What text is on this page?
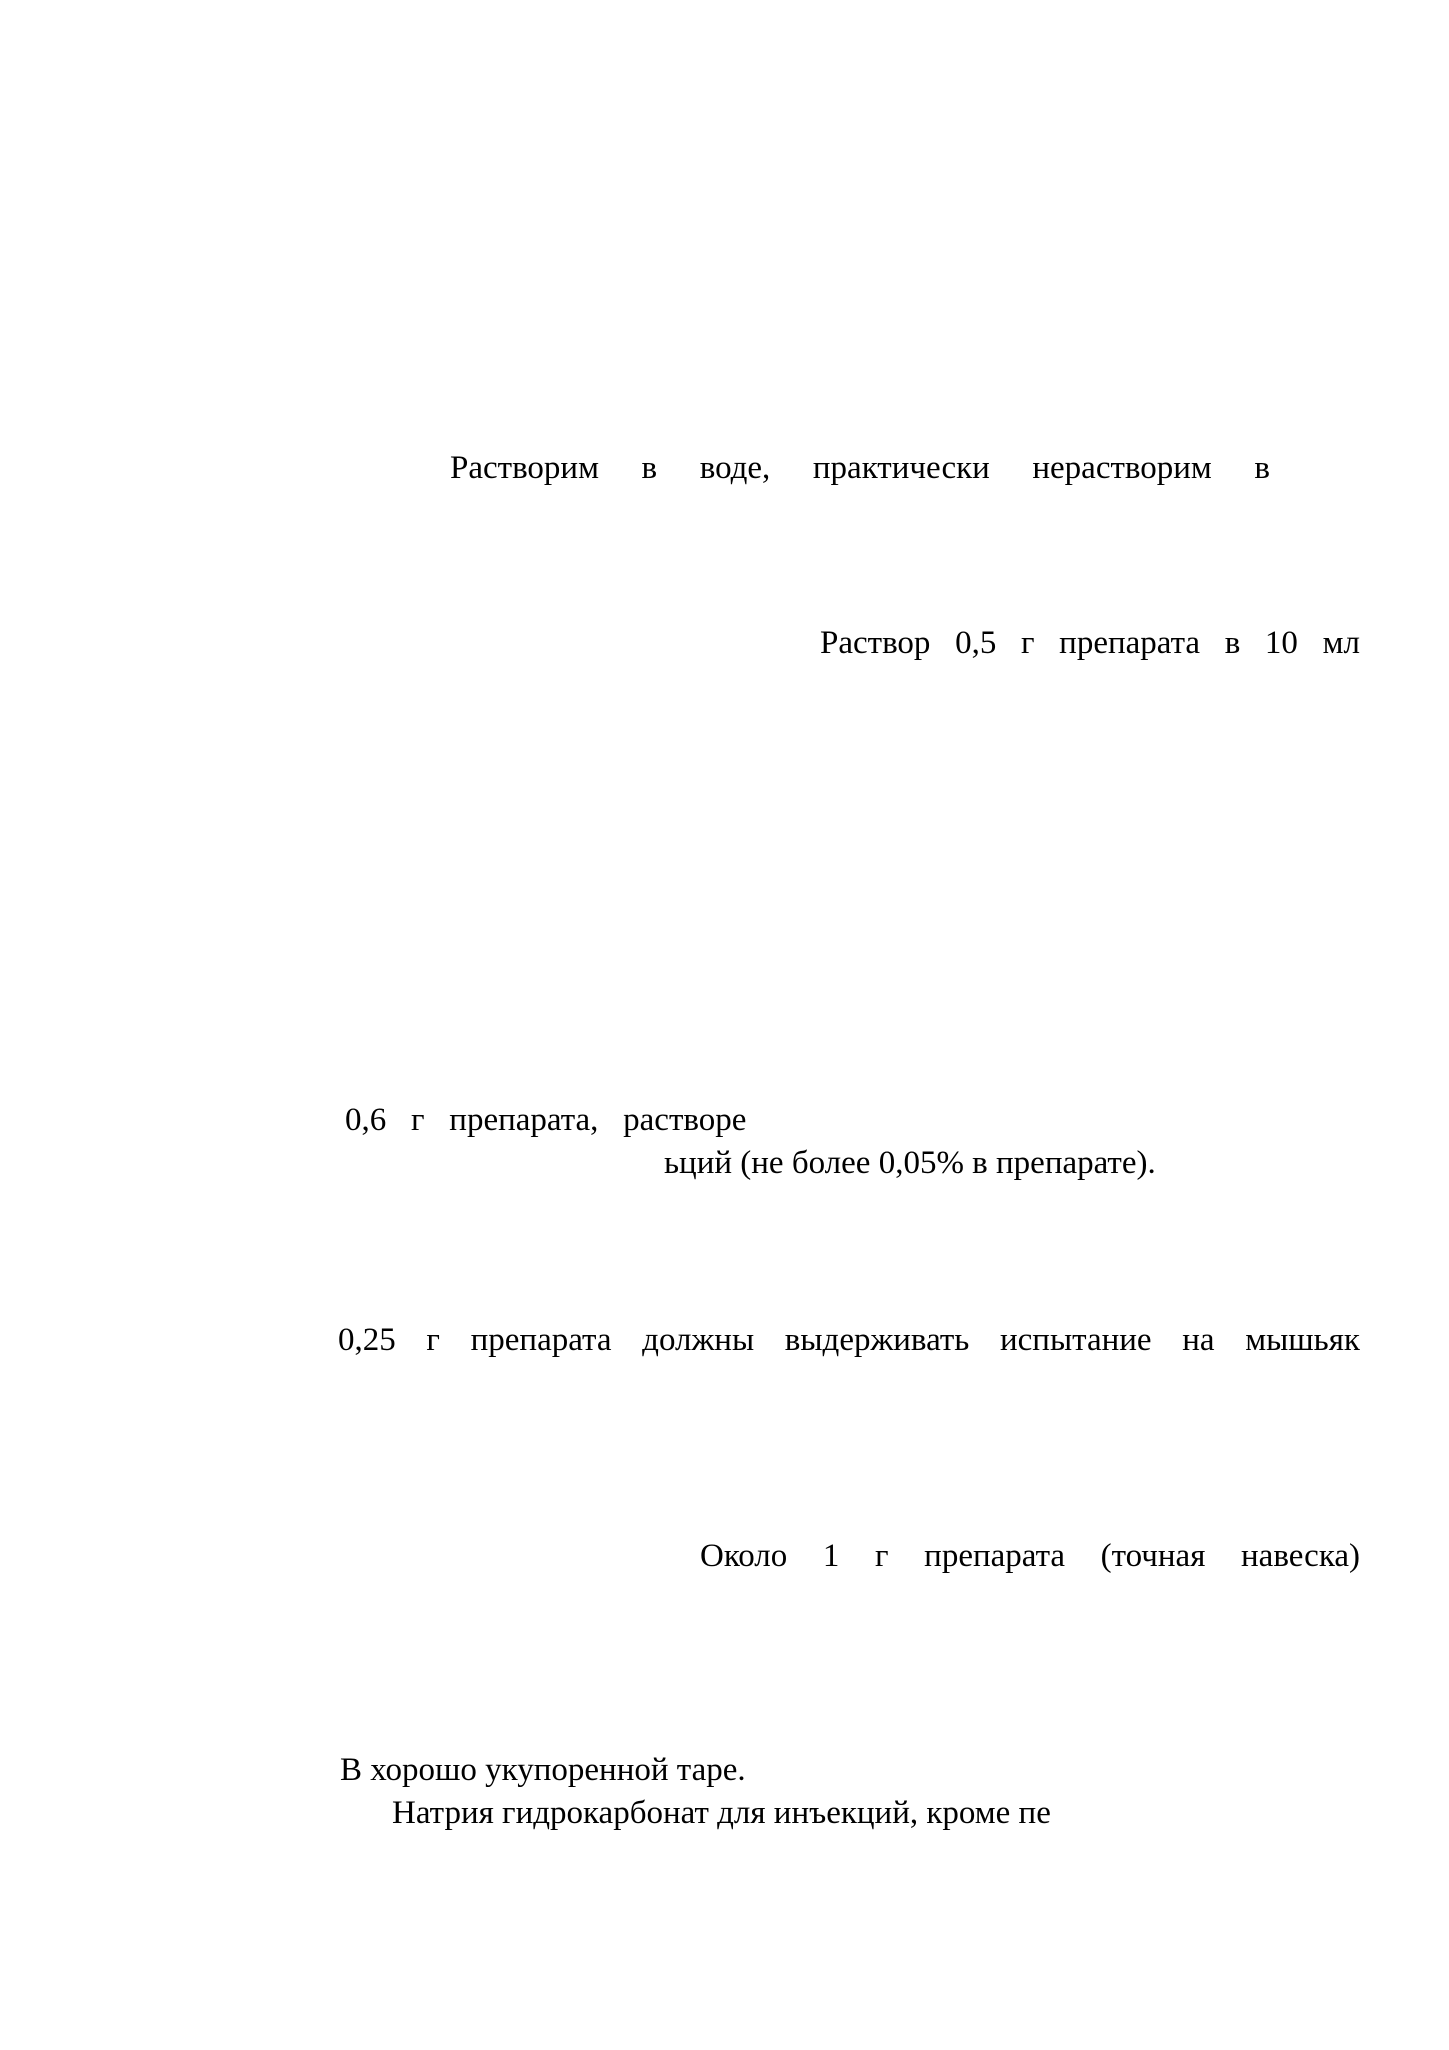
Растворим в воде, практически нерастворим в
Раствор 0,5 г препарата в 10 мл

0,6   г   препарата,   растворе

ьций (не более 0,05% в препарате).

0,25 г препарата должны выдерживать испытание на мышьяк
Около 1 г препарата (точная навеска)

В хорошо укупоренной таре.

Натрия гидрокарбонат для инъекций, кроме пе
